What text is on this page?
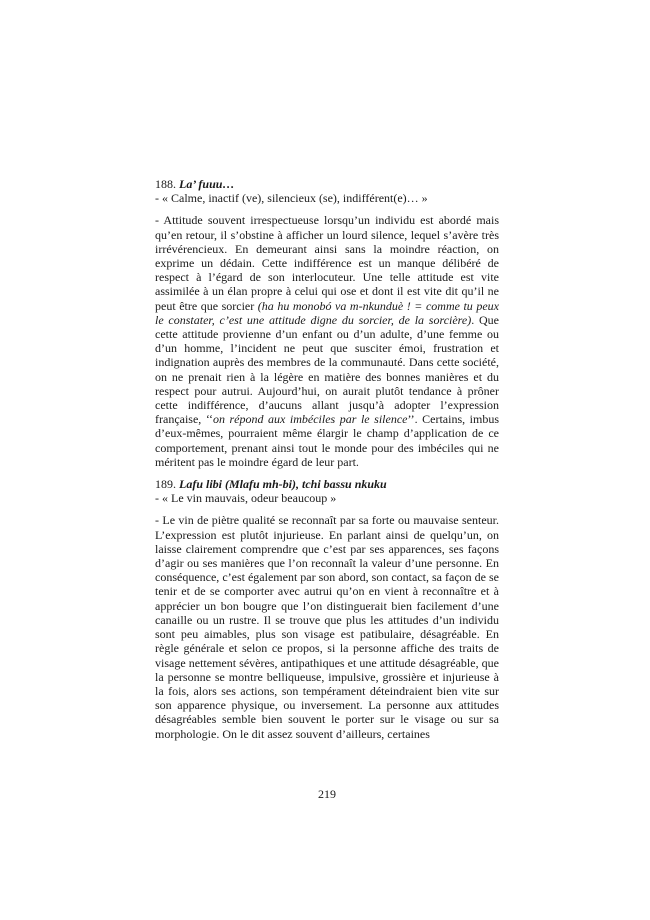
188. La’ fuuu…

- « Calme, inactif (ve), silencieux (se), indifférent(e)… »

- Attitude souvent irrespectueuse lorsqu’un individu est abordé mais qu’en retour, il s’obstine à afficher un lourd silence, lequel s’avère très irrévérencieux. En demeurant ainsi sans la moindre réaction, on exprime un dédain. Cette indifférence est un manque délibéré de respect à l’égard de son interlocuteur. Une telle attitude est vite assimilée à un élan propre à celui qui ose et dont il est vite dit qu’il ne peut être que sorcier (ha hu monobó va m-nkunduè ! = comme tu peux le constater, c’est une attitude digne du sorcier, de la sorcière). Que cette attitude provienne d’un enfant ou d’un adulte, d’une femme ou d’un homme, l’incident ne peut que susciter émoi, frustration et indignation auprès des membres de la communauté. Dans cette société, on ne prenait rien à la légère en matière des bonnes manières et du respect pour autrui. Aujourd’hui, on aurait plutôt tendance à prôner cette indifférence, d’aucuns allant jusqu’à adopter l’expression française, ‘‘on répond aux imbéciles par le silence’’. Certains, imbus d’eux-mêmes, pourraient même élargir le champ d’application de ce comportement, prenant ainsi tout le monde pour des imbéciles qui ne méritent pas le moindre égard de leur part.

189. Lafu libi (Mlafu mh-bi), tchi bassu nkuku

- « Le vin mauvais, odeur beaucoup »

- Le vin de piètre qualité se reconnaît par sa forte ou mauvaise senteur. L’expression est plutôt injurieuse. En parlant ainsi de quelqu’un, on laisse clairement comprendre que c’est par ses apparences, ses façons d’agir ou ses manières que l’on reconnaît la valeur d’une personne. En conséquence, c’est également par son abord, son contact, sa façon de se tenir et de se comporter avec autrui qu’on en vient à reconnaître et à apprécier un bon bougre que l’on distinguerait bien facilement d’une canaille ou un rustre. Il se trouve que plus les attitudes d’un individu sont peu aimables, plus son visage est patibulaire, désagréable. En règle générale et selon ce propos, si la personne affiche des traits de visage nettement sévères, antipathiques et une attitude désagréable, que la personne se montre belliqueuse, impulsive, grossière et injurieuse à la fois, alors ses actions, son tempérament déteindraient bien vite sur son apparence physique, ou inversement. La personne aux attitudes désagréables semble bien souvent le porter sur le visage ou sur sa morphologie. On le dit assez souvent d’ailleurs, certaines

219
